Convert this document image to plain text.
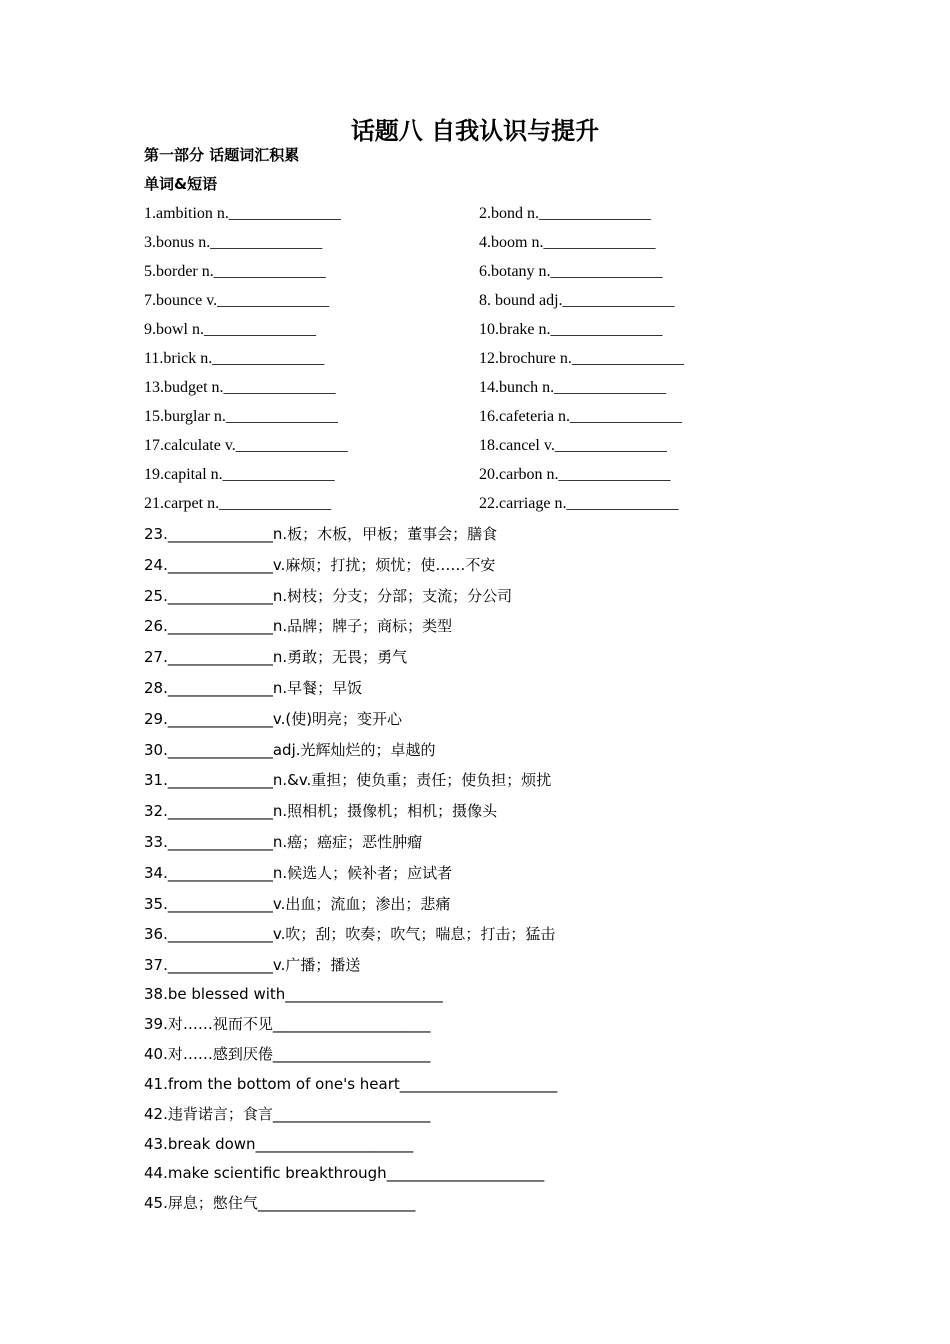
话题八 自我认识与提升
第一部分 话题词汇积累
单词&短语
1.ambition n.______________	2.bond n.______________
3.bonus n.______________	4.boom n.______________
5.border n.______________	6.botany n.______________
7.bounce v.______________	8. bound adj.______________
9.bowl n.______________	10.brake n.______________
11.brick n.______________	12.brochure n.______________
13.budget n.______________	14.bunch n.______________
15.burglar n.______________	16.cafeteria n.______________
17.calculate v.______________	18.cancel v.______________
19.capital n.______________	20.carbon n.______________
21.carpet n.______________	22.carriage n.______________
23.______________n.板；木板，甲板；董事会；膳食
24.______________v.麻烦；打扰；烦忧；使……不安
25.______________n.树枝；分支；分部；支流；分公司
26.______________n.品牌；牌子；商标；类型
27.______________n.勇敢；无畏；勇气
28.______________n.早餐；早饭
29.______________v.(使)明亮；变开心
30.______________adj.光辉灿烂的；卓越的
31.______________n.&v.重担；使负重；责任；使负担；烦扰
32.______________n.照相机；摄像机；相机；摄像头
33.______________n.癌；癌症；恶性肿瘤
34.______________n.候选人；候补者；应试者
35.______________v.出血；流血；渗出；悲痛
36.______________v.吹；刮；吹奏；吹气；喘息；打击；猛击
37.______________v.广播；播送
38.be blessed with_____________________
39.对……视而不见_____________________
40.对……感到厌倦_____________________
41.from the bottom of one's heart_____________________
42.违背诺言；食言_____________________
43.break down_____________________
44.make scientific breakthrough_____________________
45.屏息；憋住气_____________________
